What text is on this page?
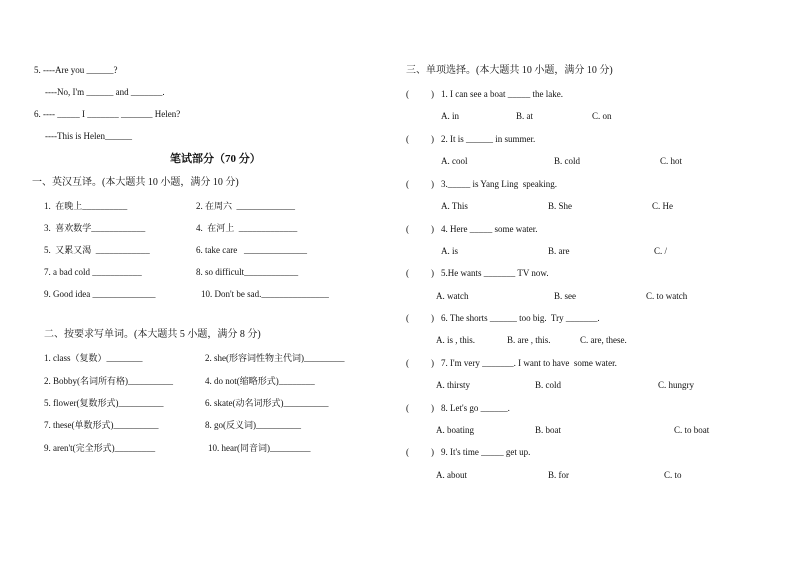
5. ----Are you ______?
----No, I'm ______ and _______.
6. ---- _____ I _______ _______ Helen?
----This is Helen______
笔试部分（70 分）
一、英汉互译。(本大题共 10 小题，满分 10 分)
1.  在晚上__________	2. 在周六  _____________
3.  喜欢数学____________	4.  在河上  _____________
5.  又累又渴  ____________	6. take care   ______________
7. a bad cold ___________	8. so difficult____________
9. Good idea ______________	10. Don't be sad._______________
二、按要求写单词。(本大题共 5 小题，满分 8 分)
1. class（复数）________	2. she(形容词性物主代词)_________
2. Bobby(名词所有格)__________	4. do not(缩略形式)________
5. flower(复数形式)__________	6. skate(动名词形式)__________
7. these(单数形式)__________	8. go(反义词)__________
9. aren't(完全形式)_________	10. hear(同音词)_________
三、单项选择。(本大题共 10 小题，满分 10 分)
( ) 1. I can see a boat _____ the lake.
A. in	B. at	C. on
( ) 2. It is ______ in summer.
A. cool	B. cold	C. hot
( ) 3._____ is Yang Ling  speaking.
A. This	B. She	C. He
( ) 4. Here _____ some water.
A. is	B. are	C. /
( ) 5.He wants _______ TV now.
A. watch	B. see	C. to watch
( ) 6. The shorts ______ too big.  Try _______.
A. is , this.	B. are , this.	C. are, these.
( ) 7. I'm very _______. I want to have  some water.
A. thirsty	B. cold	C. hungry
( ) 8. Let's go ______.
A. boating	B. boat	C. to boat
( ) 9. It's time _____ get up.
A. about	B. for	C. to
